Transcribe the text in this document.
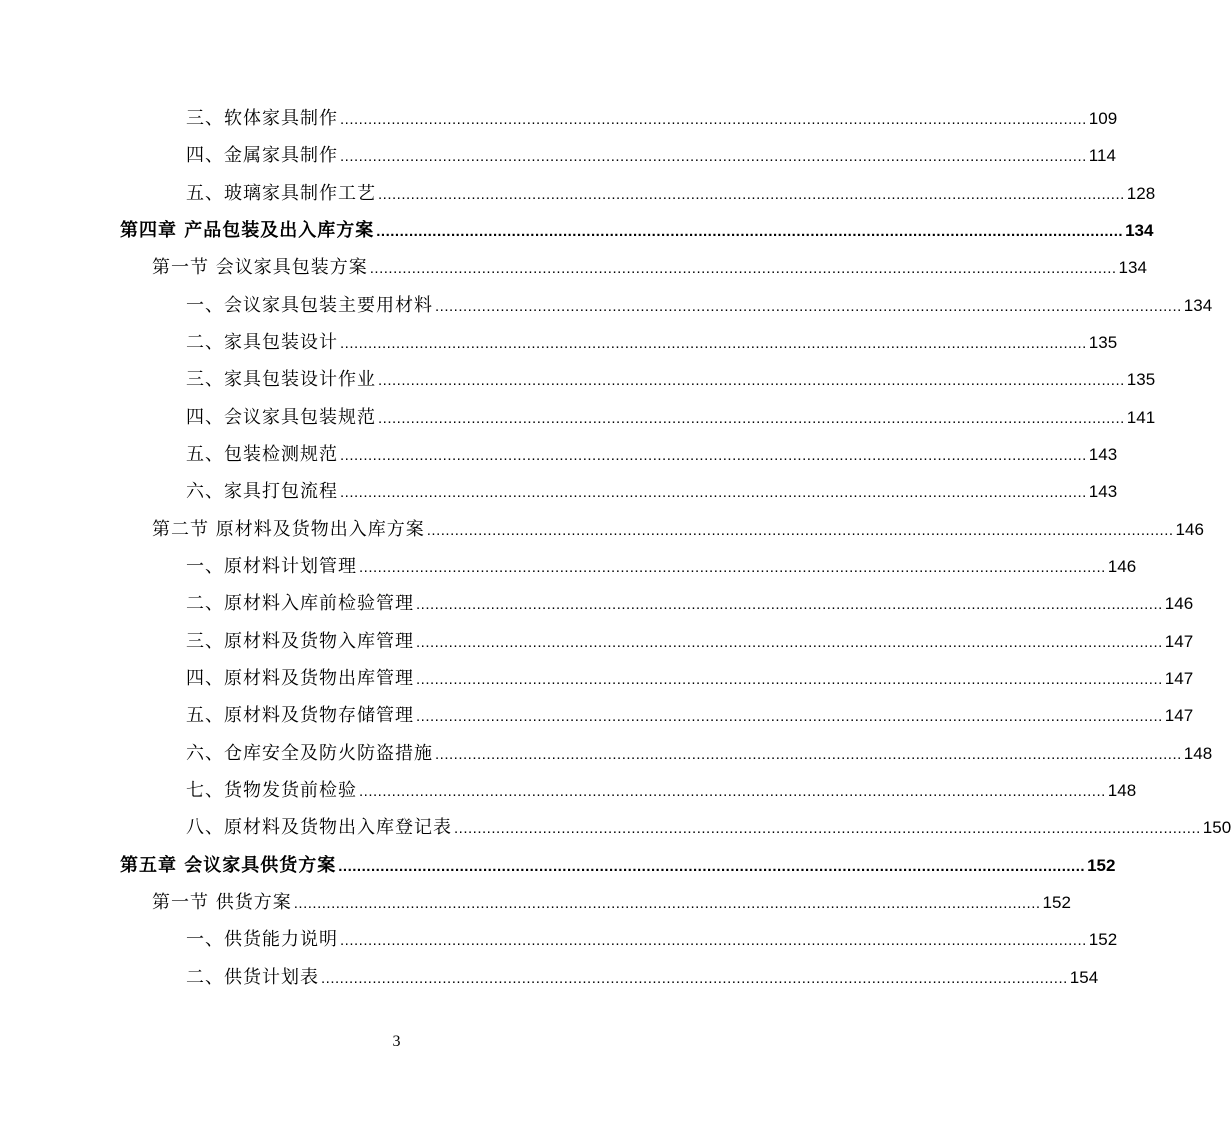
三、软体家具制作 ................................................................................................................................................................ 109
四、金属家具制作 ................................................................................................................................................................ 114
五、玻璃家具制作工艺 ................................................................................................................................................................ 128
第四章 产品包装及出入库方案 ................................................................................................................................................................ 134
第一节 会议家具包装方案 ................................................................................................................................................................ 134
一、会议家具包装主要用材料 ................................................................................................................................................................ 134
二、家具包装设计 ................................................................................................................................................................ 135
三、家具包装设计作业 ................................................................................................................................................................ 135
四、会议家具包装规范 ................................................................................................................................................................ 141
五、包装检测规范 ................................................................................................................................................................ 143
六、家具打包流程 ................................................................................................................................................................ 143
第二节 原材料及货物出入库方案 ................................................................................................................................................................ 146
一、原材料计划管理 ................................................................................................................................................................ 146
二、原材料入库前检验管理 ................................................................................................................................................................ 146
三、原材料及货物入库管理 ................................................................................................................................................................ 147
四、原材料及货物出库管理 ................................................................................................................................................................ 147
五、原材料及货物存储管理 ................................................................................................................................................................ 147
六、仓库安全及防火防盗措施 ................................................................................................................................................................ 148
七、货物发货前检验 ................................................................................................................................................................ 148
八、原材料及货物出入库登记表 ................................................................................................................................................................ 150
第五章 会议家具供货方案 ................................................................................................................................................................ 152
第一节 供货方案 ................................................................................................................................................................ 152
一、供货能力说明 ................................................................................................................................................................ 152
二、供货计划表 ................................................................................................................................................................ 154
3
